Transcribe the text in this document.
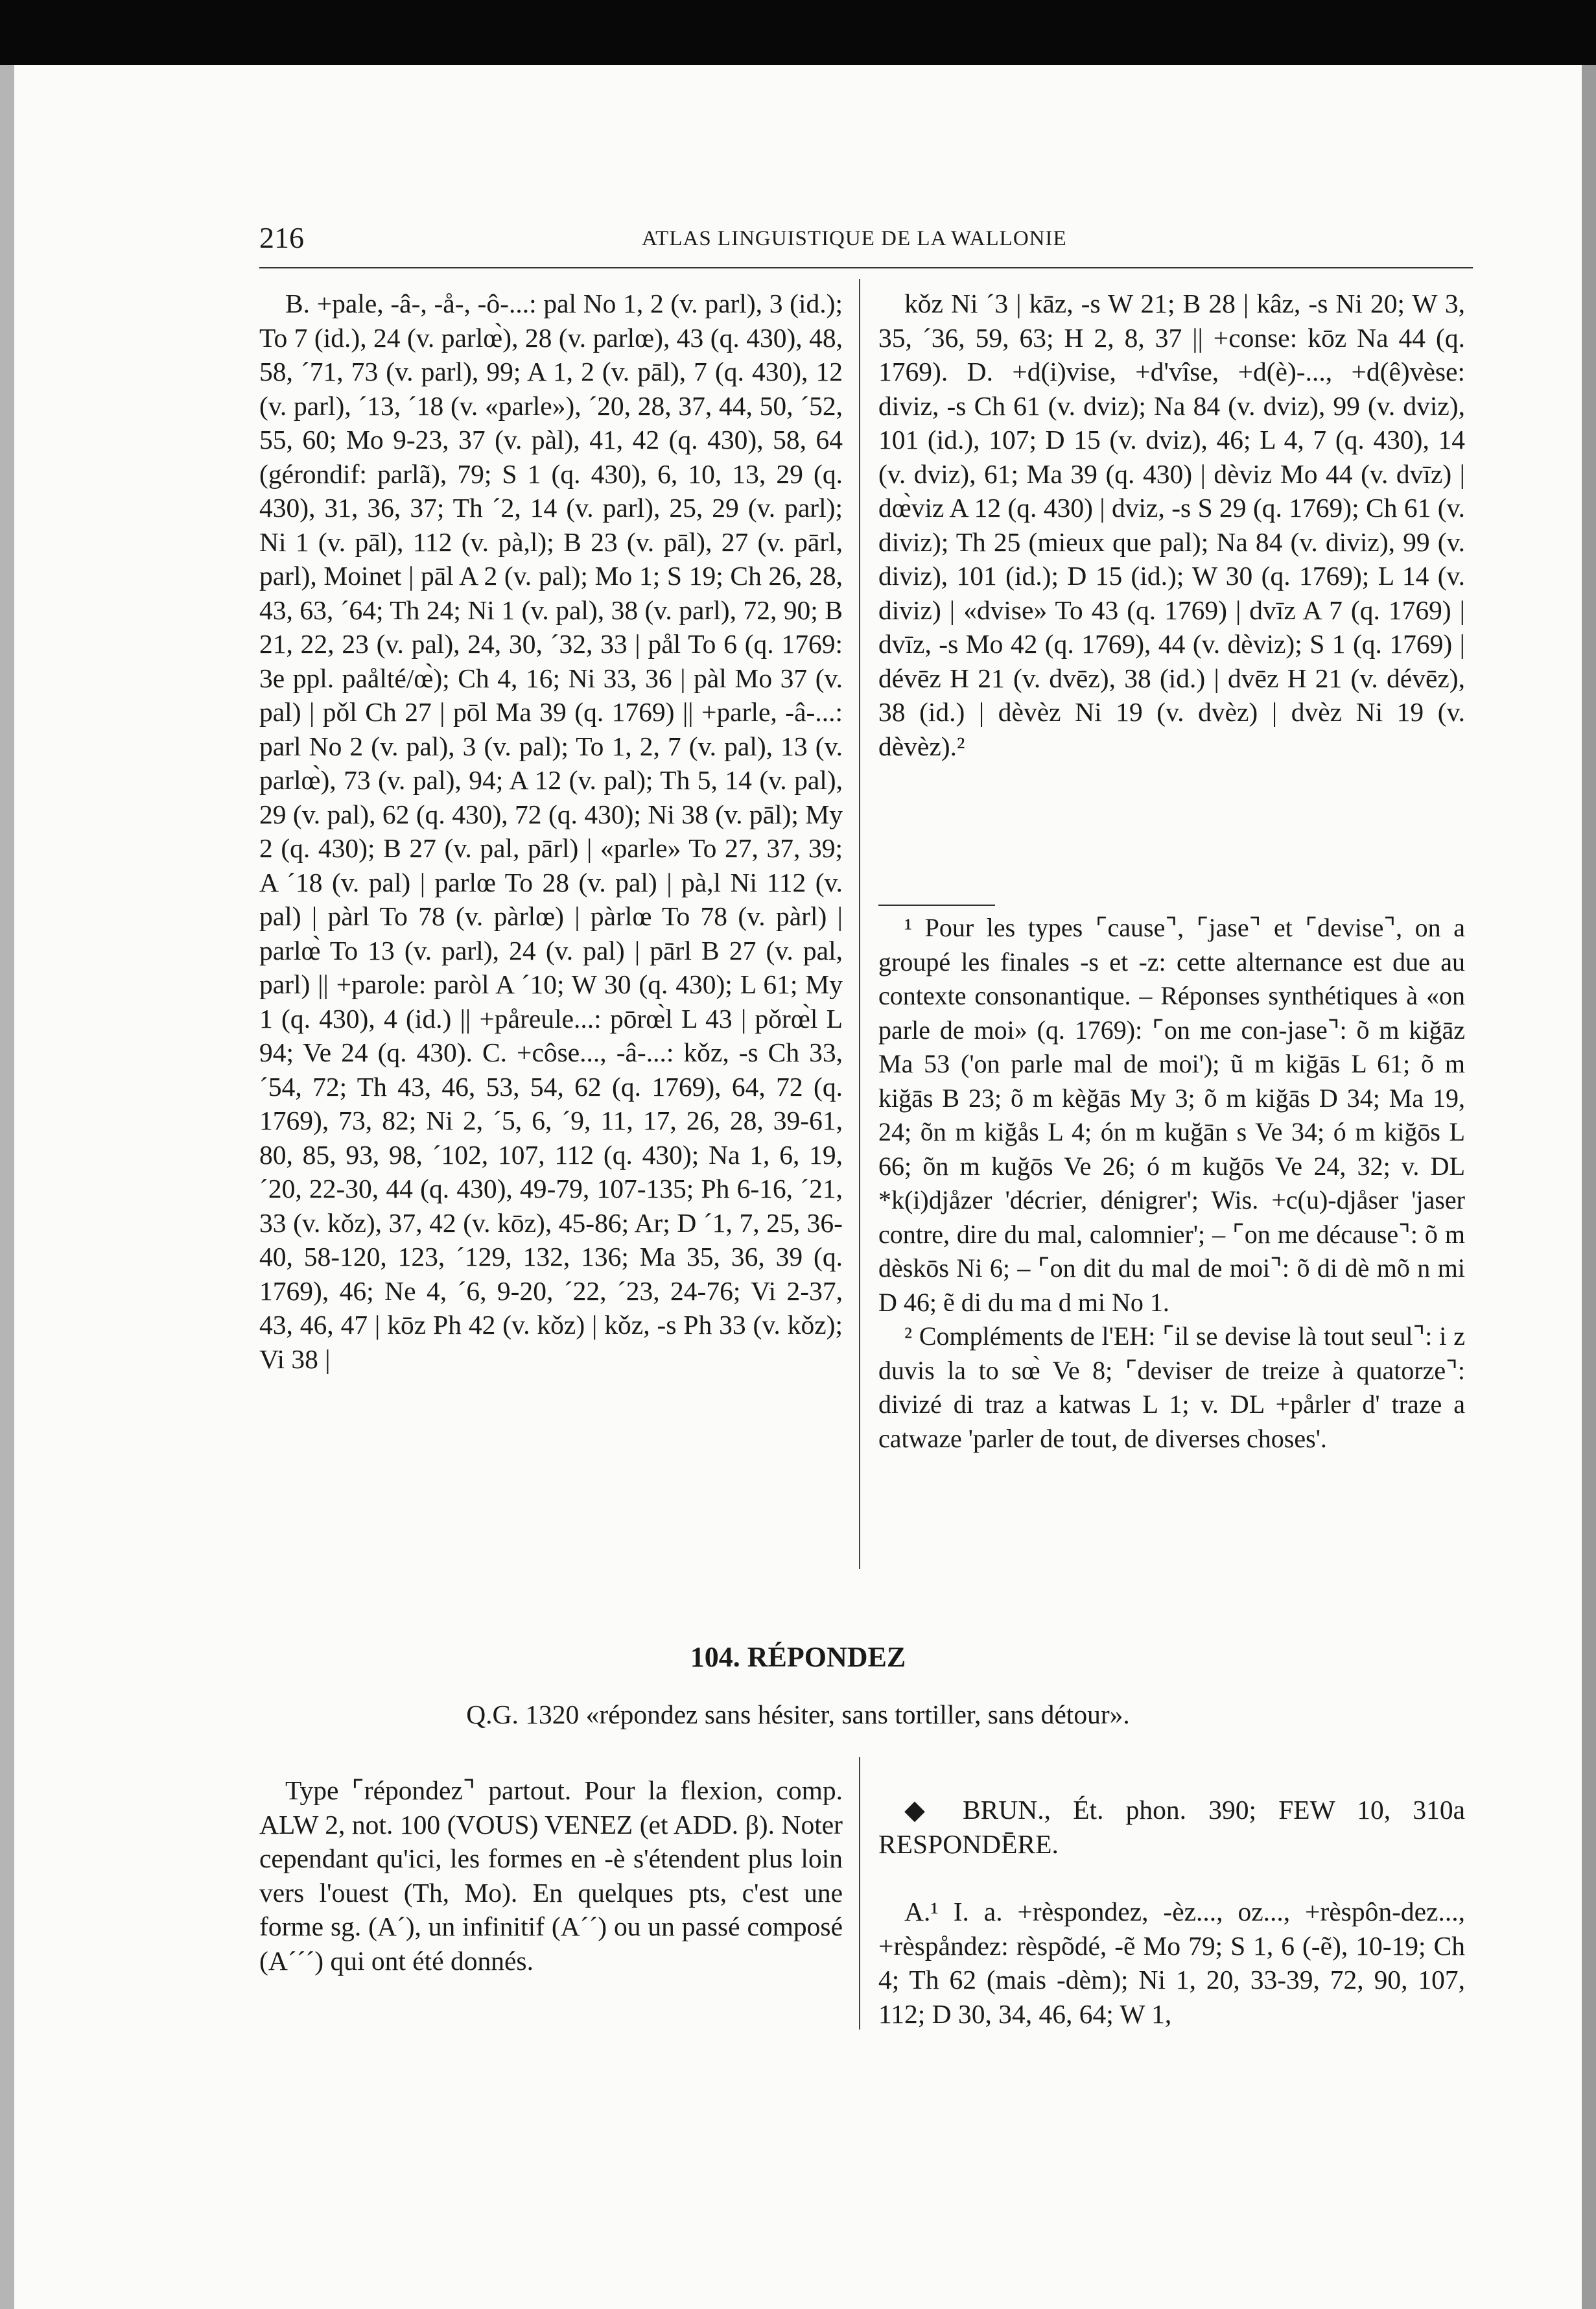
216	ATLAS LINGUISTIQUE DE LA WALLONIE

B. +pale, -â-, -å-, -ô-...: pal No 1, 2 (v. parl), 3 (id.); To 7 (id.), 24 (v. parlœ̀), 28 (v. parlœ), 43 (q. 430), 48, 58, ´71, 73 (v. parl), 99; A 1, 2 (v. pāl), 7 (q. 430), 12 (v. parl), ´13, ´18 (v. «parle»), ´20, 28, 37, 44, 50, ´52, 55, 60; Mo 9-23, 37 (v. pàl), 41, 42 (q. 430), 58, 64 (gérondif: parlã), 79; S 1 (q. 430), 6, 10, 13, 29 (q. 430), 31, 36, 37; Th ´2, 14 (v. parl), 25, 29 (v. parl); Ni 1 (v. pāl), 112 (v. pà,l); B 23 (v. pāl), 27 (v. pārl, parl), Moinet | pāl A 2 (v. pal); Mo 1; S 19; Ch 26, 28, 43, 63, ´64; Th 24; Ni 1 (v. pal), 38 (v. parl), 72, 90; B 21, 22, 23 (v. pal), 24, 30, ´32, 33 | pål To 6 (q. 1769: 3e ppl. paålté/œ̀); Ch 4, 16; Ni 33, 36 | pàl Mo 37 (v. pal) | pǒl Ch 27 | pōl Ma 39 (q. 1769) || +parle, -â-...: parl No 2 (v. pal), 3 (v. pal); To 1, 2, 7 (v. pal), 13 (v. parlœ̀), 73 (v. pal), 94; A 12 (v. pal); Th 5, 14 (v. pal), 29 (v. pal), 62 (q. 430), 72 (q. 430); Ni 38 (v. pāl); My 2 (q. 430); B 27 (v. pal, pārl) | «parle» To 27, 37, 39; A ´18 (v. pal) | parlœ To 28 (v. pal) | pà,l Ni 112 (v. pal) | pàrl To 78 (v. pàrlœ) | pàrlœ To 78 (v. pàrl) | parlœ̀ To 13 (v. parl), 24 (v. pal) | pārl B 27 (v. pal, parl) || +parole: paròl A ´10; W 30 (q. 430); L 61; My 1 (q. 430), 4 (id.) || +påreule...: pōrœ̀l L 43 | pǒrœ̀l L 94; Ve 24 (q. 430). C. +côse..., -â-...: kǒz, -s Ch 33, ´54, 72; Th 43, 46, 53, 54, 62 (q. 1769), 64, 72 (q. 1769), 73, 82; Ni 2, ´5, 6, ´9, 11, 17, 26, 28, 39-61, 80, 85, 93, 98, ´102, 107, 112 (q. 430); Na 1, 6, 19, ´20, 22-30, 44 (q. 430), 49-79, 107-135; Ph 6-16, ´21, 33 (v. kǒz), 37, 42 (v. kōz), 45-86; Ar; D ´1, 7, 25, 36-40, 58-120, 123, ´129, 132, 136; Ma 35, 36, 39 (q. 1769), 46; Ne 4, ´6, 9-20, ´22, ´23, 24-76; Vi 2-37, 43, 46, 47 | kōz Ph 42 (v. kǒz) | kǒz, -s Ph 33 (v. kǒz); Vi 38 |

kǒz Ni ´3 | kāz, -s W 21; B 28 | kâz, -s Ni 20; W 3, 35, ´36, 59, 63; H 2, 8, 37 || +conse: kōz Na 44 (q. 1769). D. +d(i)vise, +d'vîse, +d(è)-..., +d(ê)vèse: diviz, -s Ch 61 (v. dviz); Na 84 (v. dviz), 99 (v. dviz), 101 (id.), 107; D 15 (v. dviz), 46; L 4, 7 (q. 430), 14 (v. dviz), 61; Ma 39 (q. 430) | dèviz Mo 44 (v. dvīz) | dœ̀viz A 12 (q. 430) | dviz, -s S 29 (q. 1769); Ch 61 (v. diviz); Th 25 (mieux que pal); Na 84 (v. diviz), 99 (v. diviz), 101 (id.); D 15 (id.); W 30 (q. 1769); L 14 (v. diviz) | «dvise» To 43 (q. 1769) | dvīz A 7 (q. 1769) | dvīz, -s Mo 42 (q. 1769), 44 (v. dèviz); S 1 (q. 1769) | dévēz H 21 (v. dvēz), 38 (id.) | dvēz H 21 (v. dévēz), 38 (id.) | dèvèz Ni 19 (v. dvèz) | dvèz Ni 19 (v. dèvèz).²

¹ Pour les types ⌜cause⌝, ⌜jase⌝ et ⌜devise⌝, on a groupé les finales -s et -z: cette alternance est due au contexte consonantique. – Réponses synthétiques à «on parle de moi» (q. 1769): ⌜on me con-jase⌝: õ m kiğāz Ma 53 ('on parle mal de moi'); ũ m kiğās L 61; õ m kiğās B 23; õ m kèğās My 3; õ m kiğās D 34; Ma 19, 24; õn m kiğås L 4; ón m kuğān s Ve 34; ó m kiğōs L 66; õn m kuğōs Ve 26; ó m kuğōs Ve 24, 32; v. DL *k(i)djåzer 'décrier, dénigrer'; Wis. +c(u)-djåser 'jaser contre, dire du mal, calomnier'; – ⌜on me décause⌝: õ m dèskōs Ni 6; – ⌜on dit du mal de moi⌝: õ di dè mõ n mi D 46; ẽ di du ma d mi No 1.

² Compléments de l'EH: ⌜il se devise là tout seul⌝: i z duvis la to sœ̀ Ve 8; ⌜deviser de treize à quatorze⌝: divizé di traz a katwas L 1; v. DL +pårler d' traze a catwaze 'parler de tout, de diverses choses'.

104. RÉPONDEZ
Q.G. 1320 «répondez sans hésiter, sans tortiller, sans détour».

Type ⌜répondez⌝ partout. Pour la flexion, comp. ALW 2, not. 100 (VOUS) VENEZ (et ADD. β). Noter cependant qu'ici, les formes en -è s'étendent plus loin vers l'ouest (Th, Mo). En quelques pts, c'est une forme sg. (A´), un infinitif (A´´) ou un passé composé (A´´´) qui ont été donnés.

◆ BRUN., Ét. phon. 390; FEW 10, 310a RESPONDĒRE.

A.¹ I. a. +rèspondez, -èz..., oz..., +rèspôn-dez..., +rèspåndez: rèspõdé, -ẽ Mo 79; S 1, 6 (-ẽ), 10-19; Ch 4; Th 62 (mais -dèm); Ni 1, 20, 33-39, 72, 90, 107, 112; D 30, 34, 46, 64; W 1,
